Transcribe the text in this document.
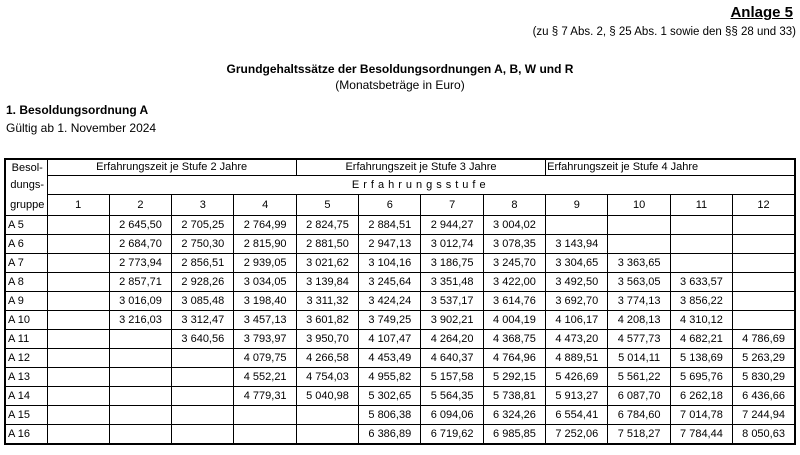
Anlage 5
(zu § 7 Abs. 2, § 25 Abs. 1 sowie den §§ 28 und 33)
Grundgehaltssätze der Besoldungsordnungen A, B, W und R
(Monatsbeträge in Euro)
1. Besoldungsordnung A
Gültig ab 1. November 2024
Besol-
dungs-
gruppe	Erfahrungszeit je Stufe 2 Jahre				Erfahrungszeit je Stufe 3 Jahre				Erfahrungszeit je Stufe 4 Jahre			
	Erfahrungsstufe											
	1	2	3	4	5	6	7	8	9	10	11	12
A 5		2 645,50	2 705,25	2 764,99	2 824,75	2 884,51	2 944,27	3 004,02				
A 6		2 684,70	2 750,30	2 815,90	2 881,50	2 947,13	3 012,74	3 078,35	3 143,94			
A 7		2 773,94	2 856,51	2 939,05	3 021,62	3 104,16	3 186,75	3 245,70	3 304,65	3 363,65		
A 8		2 857,71	2 928,26	3 034,05	3 139,84	3 245,64	3 351,48	3 422,00	3 492,50	3 563,05	3 633,57	
A 9		3 016,09	3 085,48	3 198,40	3 311,32	3 424,24	3 537,17	3 614,76	3 692,70	3 774,13	3 856,22	
A 10		3 216,03	3 312,47	3 457,13	3 601,82	3 749,25	3 902,21	4 004,19	4 106,17	4 208,13	4 310,12	
A 11			3 640,56	3 793,97	3 950,70	4 107,47	4 264,20	4 368,75	4 473,20	4 577,73	4 682,21	4 786,69
A 12				4 079,75	4 266,58	4 453,49	4 640,37	4 764,96	4 889,51	5 014,11	5 138,69	5 263,29
A 13				4 552,21	4 754,03	4 955,82	5 157,58	5 292,15	5 426,69	5 561,22	5 695,76	5 830,29
A 14				4 779,31	5 040,98	5 302,65	5 564,35	5 738,81	5 913,27	6 087,70	6 262,18	6 436,66
A 15						5 806,38	6 094,06	6 324,26	6 554,41	6 784,60	7 014,78	7 244,94
A 16						6 386,89	6 719,62	6 985,85	7 252,06	7 518,27	7 784,44	8 050,63
